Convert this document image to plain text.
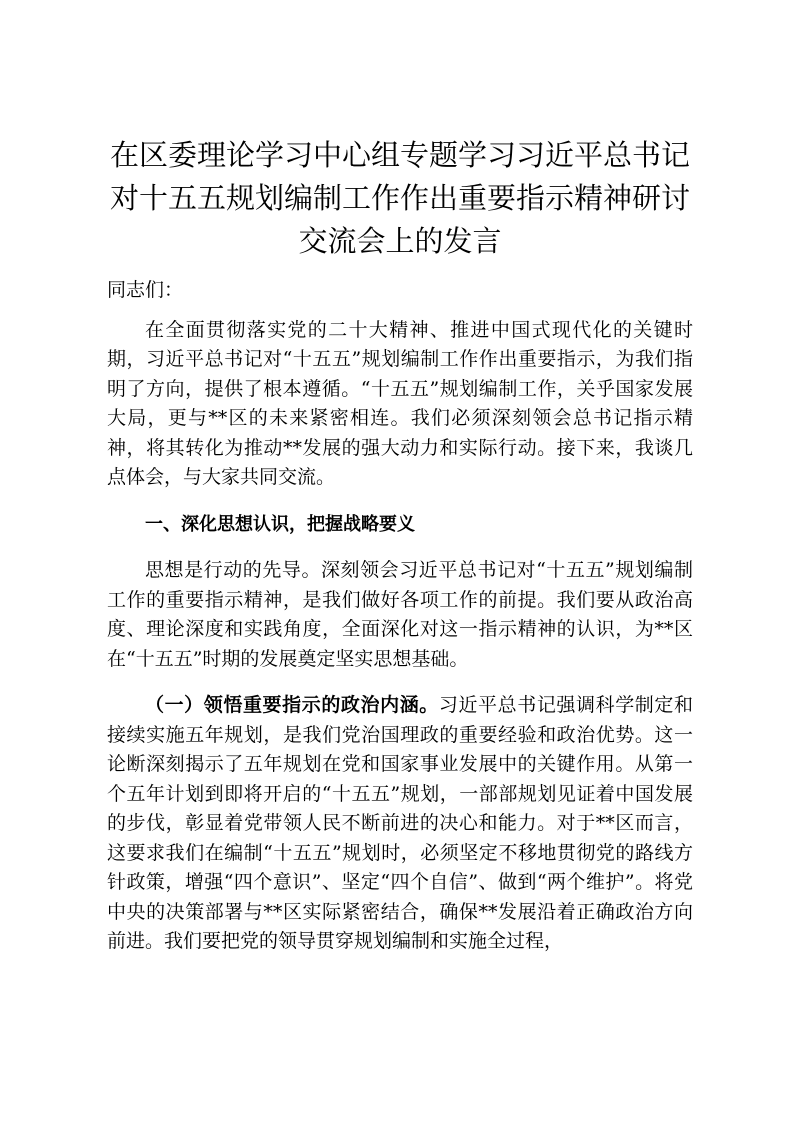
在区委理论学习中心组专题学习习近平总书记
对十五五规划编制工作作出重要指示精神研讨
交流会上的发言

同志们：

在全面贯彻落实党的二十大精神、推进中国式现代化的关键时期，习近平总书记对“十五五”规划编制工作作出重要指示，为我们指明了方向，提供了根本遵循。“十五五”规划编制工作，关乎国家发展大局，更与**区的未来紧密相连。我们必须深刻领会总书记指示精神，将其转化为推动**发展的强大动力和实际行动。接下来，我谈几点体会，与大家共同交流。

一、深化思想认识，把握战略要义

思想是行动的先导。深刻领会习近平总书记对“十五五”规划编制工作的重要指示精神，是我们做好各项工作的前提。我们要从政治高度、理论深度和实践角度，全面深化对这一指示精神的认识，为**区在“十五五”时期的发展奠定坚实思想基础。

（一）领悟重要指示的政治内涵。习近平总书记强调科学制定和接续实施五年规划，是我们党治国理政的重要经验和政治优势。这一论断深刻揭示了五年规划在党和国家事业发展中的关键作用。从第一个五年计划到即将开启的“十五五”规划，一部部规划见证着中国发展的步伐，彰显着党带领人民不断前进的决心和能力。对于**区而言，这要求我们在编制“十五五”规划时，必须坚定不移地贯彻党的路线方针政策，增强“四个意识”、坚定“四个自信”、做到“两个维护”。将党中央的决策部署与**区实际紧密结合，确保**发展沿着正确政治方向前进。我们要把党的领导贯穿规划编制和实施全过程，
